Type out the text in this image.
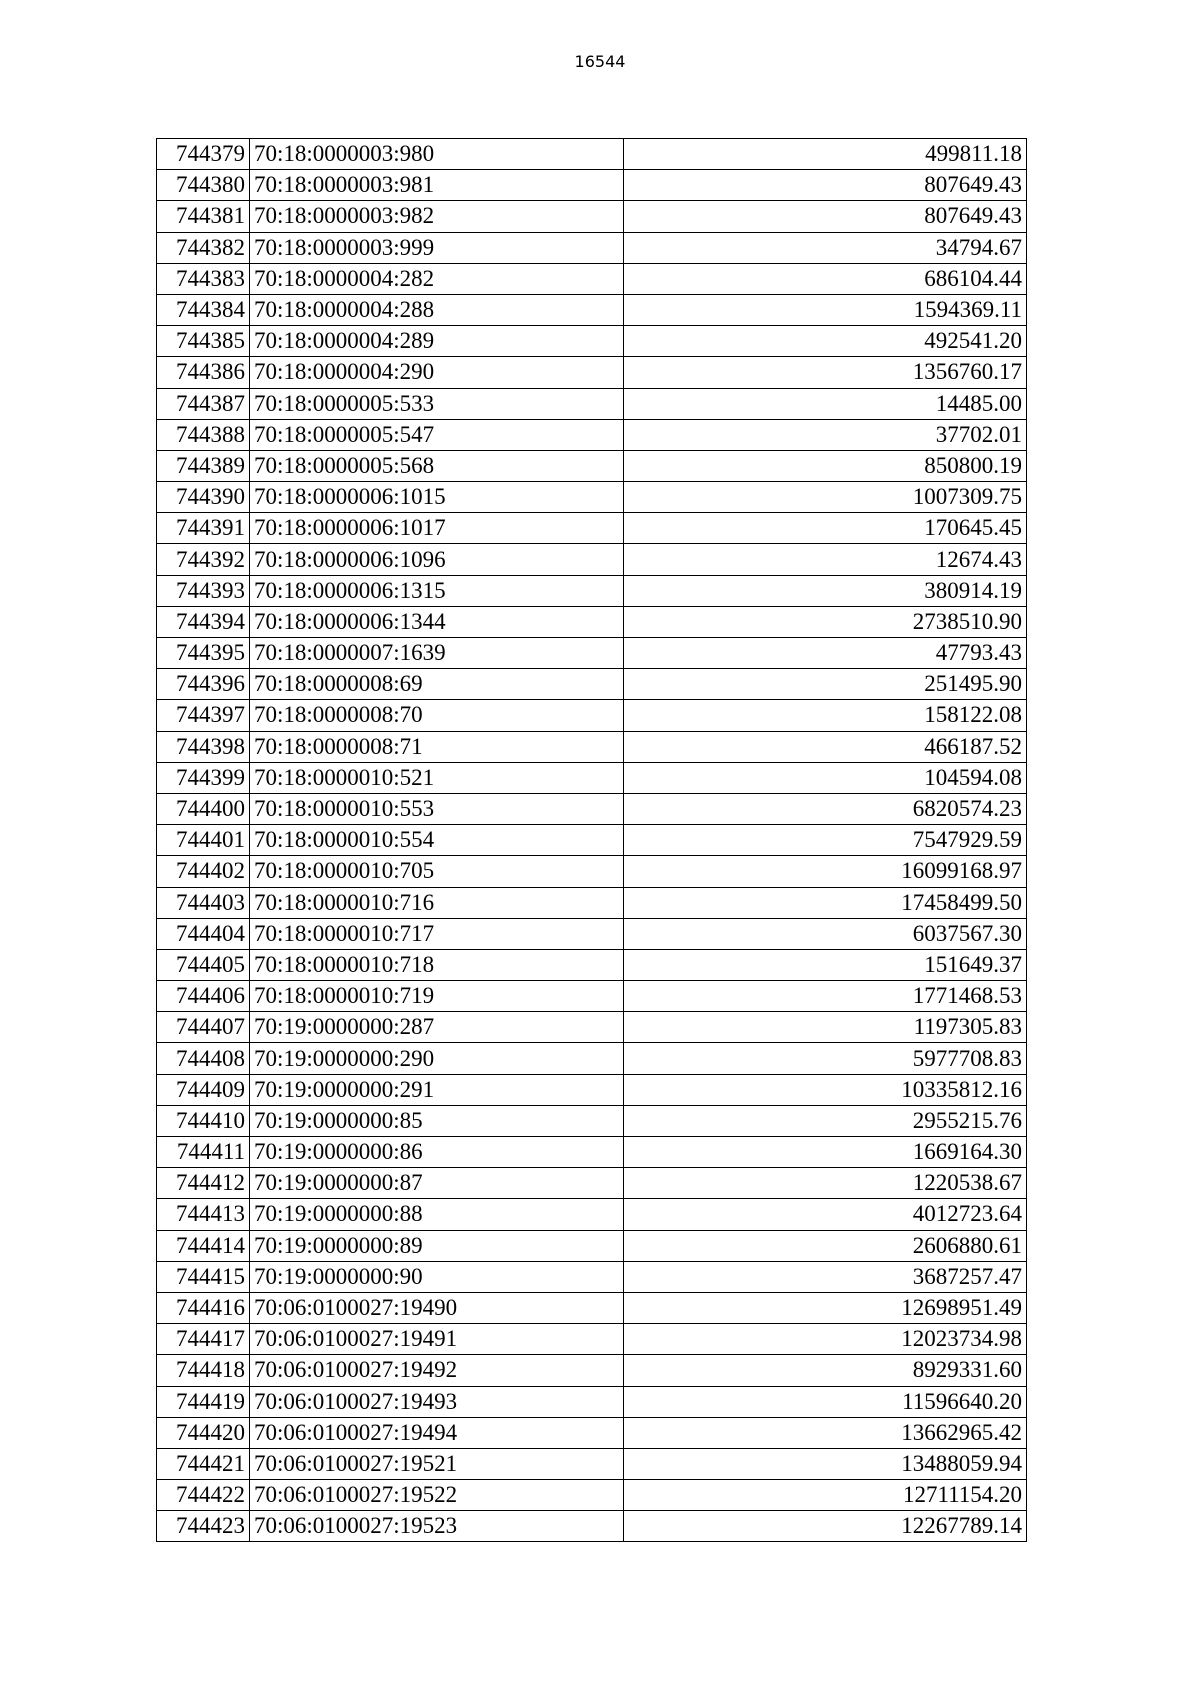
16544
744379	70:18:0000003:980	499811.18
744380	70:18:0000003:981	807649.43
744381	70:18:0000003:982	807649.43
744382	70:18:0000003:999	34794.67
744383	70:18:0000004:282	686104.44
744384	70:18:0000004:288	1594369.11
744385	70:18:0000004:289	492541.20
744386	70:18:0000004:290	1356760.17
744387	70:18:0000005:533	14485.00
744388	70:18:0000005:547	37702.01
744389	70:18:0000005:568	850800.19
744390	70:18:0000006:1015	1007309.75
744391	70:18:0000006:1017	170645.45
744392	70:18:0000006:1096	12674.43
744393	70:18:0000006:1315	380914.19
744394	70:18:0000006:1344	2738510.90
744395	70:18:0000007:1639	47793.43
744396	70:18:0000008:69	251495.90
744397	70:18:0000008:70	158122.08
744398	70:18:0000008:71	466187.52
744399	70:18:0000010:521	104594.08
744400	70:18:0000010:553	6820574.23
744401	70:18:0000010:554	7547929.59
744402	70:18:0000010:705	16099168.97
744403	70:18:0000010:716	17458499.50
744404	70:18:0000010:717	6037567.30
744405	70:18:0000010:718	151649.37
744406	70:18:0000010:719	1771468.53
744407	70:19:0000000:287	1197305.83
744408	70:19:0000000:290	5977708.83
744409	70:19:0000000:291	10335812.16
744410	70:19:0000000:85	2955215.76
744411	70:19:0000000:86	1669164.30
744412	70:19:0000000:87	1220538.67
744413	70:19:0000000:88	4012723.64
744414	70:19:0000000:89	2606880.61
744415	70:19:0000000:90	3687257.47
744416	70:06:0100027:19490	12698951.49
744417	70:06:0100027:19491	12023734.98
744418	70:06:0100027:19492	8929331.60
744419	70:06:0100027:19493	11596640.20
744420	70:06:0100027:19494	13662965.42
744421	70:06:0100027:19521	13488059.94
744422	70:06:0100027:19522	12711154.20
744423	70:06:0100027:19523	12267789.14
